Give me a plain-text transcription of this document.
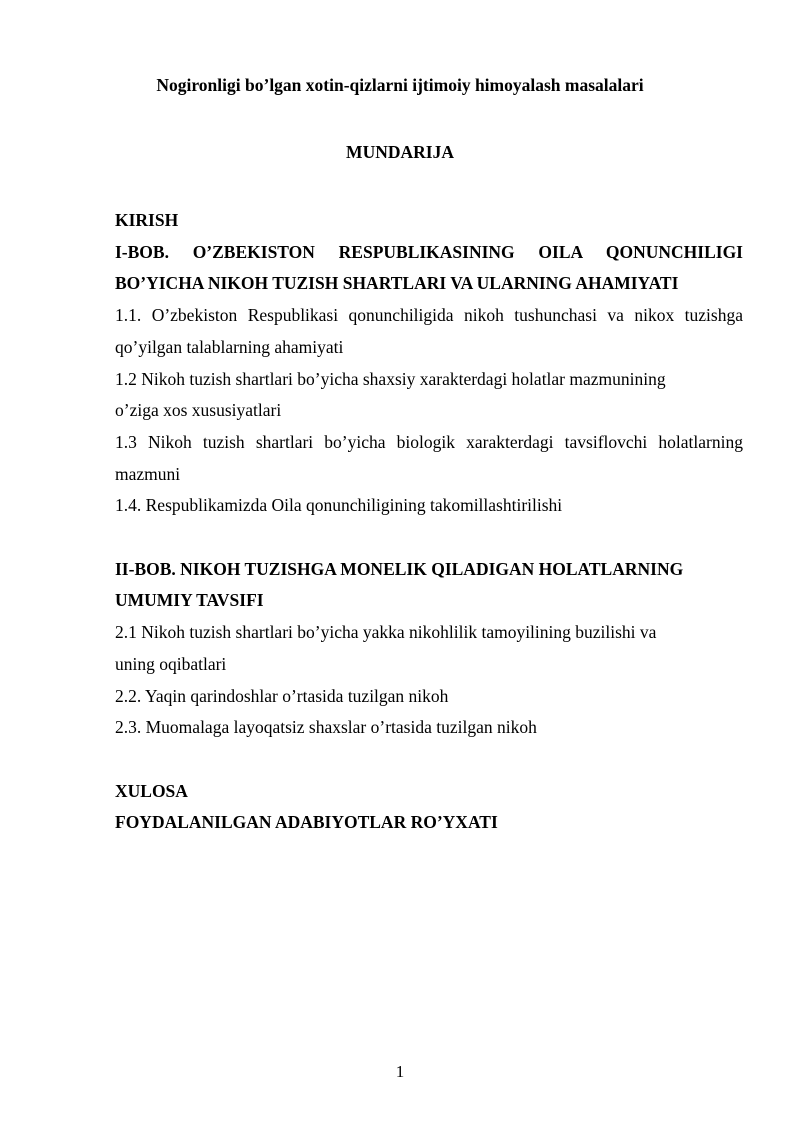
Nogironligi bo’lgan xotin-qizlarni ijtimoiy himoyalash masalalari
MUNDARIJA
KIRISH
I-BOB. O’ZBEKISTON RESPUBLIKASINING OILA QONUNCHILIGI
BO’YICHA NIKOH TUZISH SHARTLARI VA ULARNING AHAMIYATI
1.1. O’zbekiston Respublikasi qonunchiligida nikoh tushunchasi va nikox tuzishga
qo’yilgan talablarning ahamiyati
1.2 Nikoh tuzish shartlari bo’yicha shaxsiy xarakterdagi holatlar mazmunining
o’ziga xos xususiyatlari
1.3 Nikoh tuzish shartlari bo’yicha biologik xarakterdagi tavsiflovchi holatlarning
mazmuni
1.4. Respublikamizda Oila qonunchiligining takomillashtirilishi
II-BOB. NIKOH TUZISHGA MONELIK QILADIGAN HOLATLARNING
UMUMIY TAVSIFI
2.1 Nikoh tuzish shartlari bo’yicha yakka nikohlilik tamoyilining buzilishi va
uning oqibatlari
2.2. Yaqin qarindoshlar o’rtasida tuzilgan nikoh
2.3. Muomalaga layoqatsiz shaxslar o’rtasida tuzilgan nikoh
XULOSA
FOYDALANILGAN ADABIYOTLAR RO’YXATI
1
